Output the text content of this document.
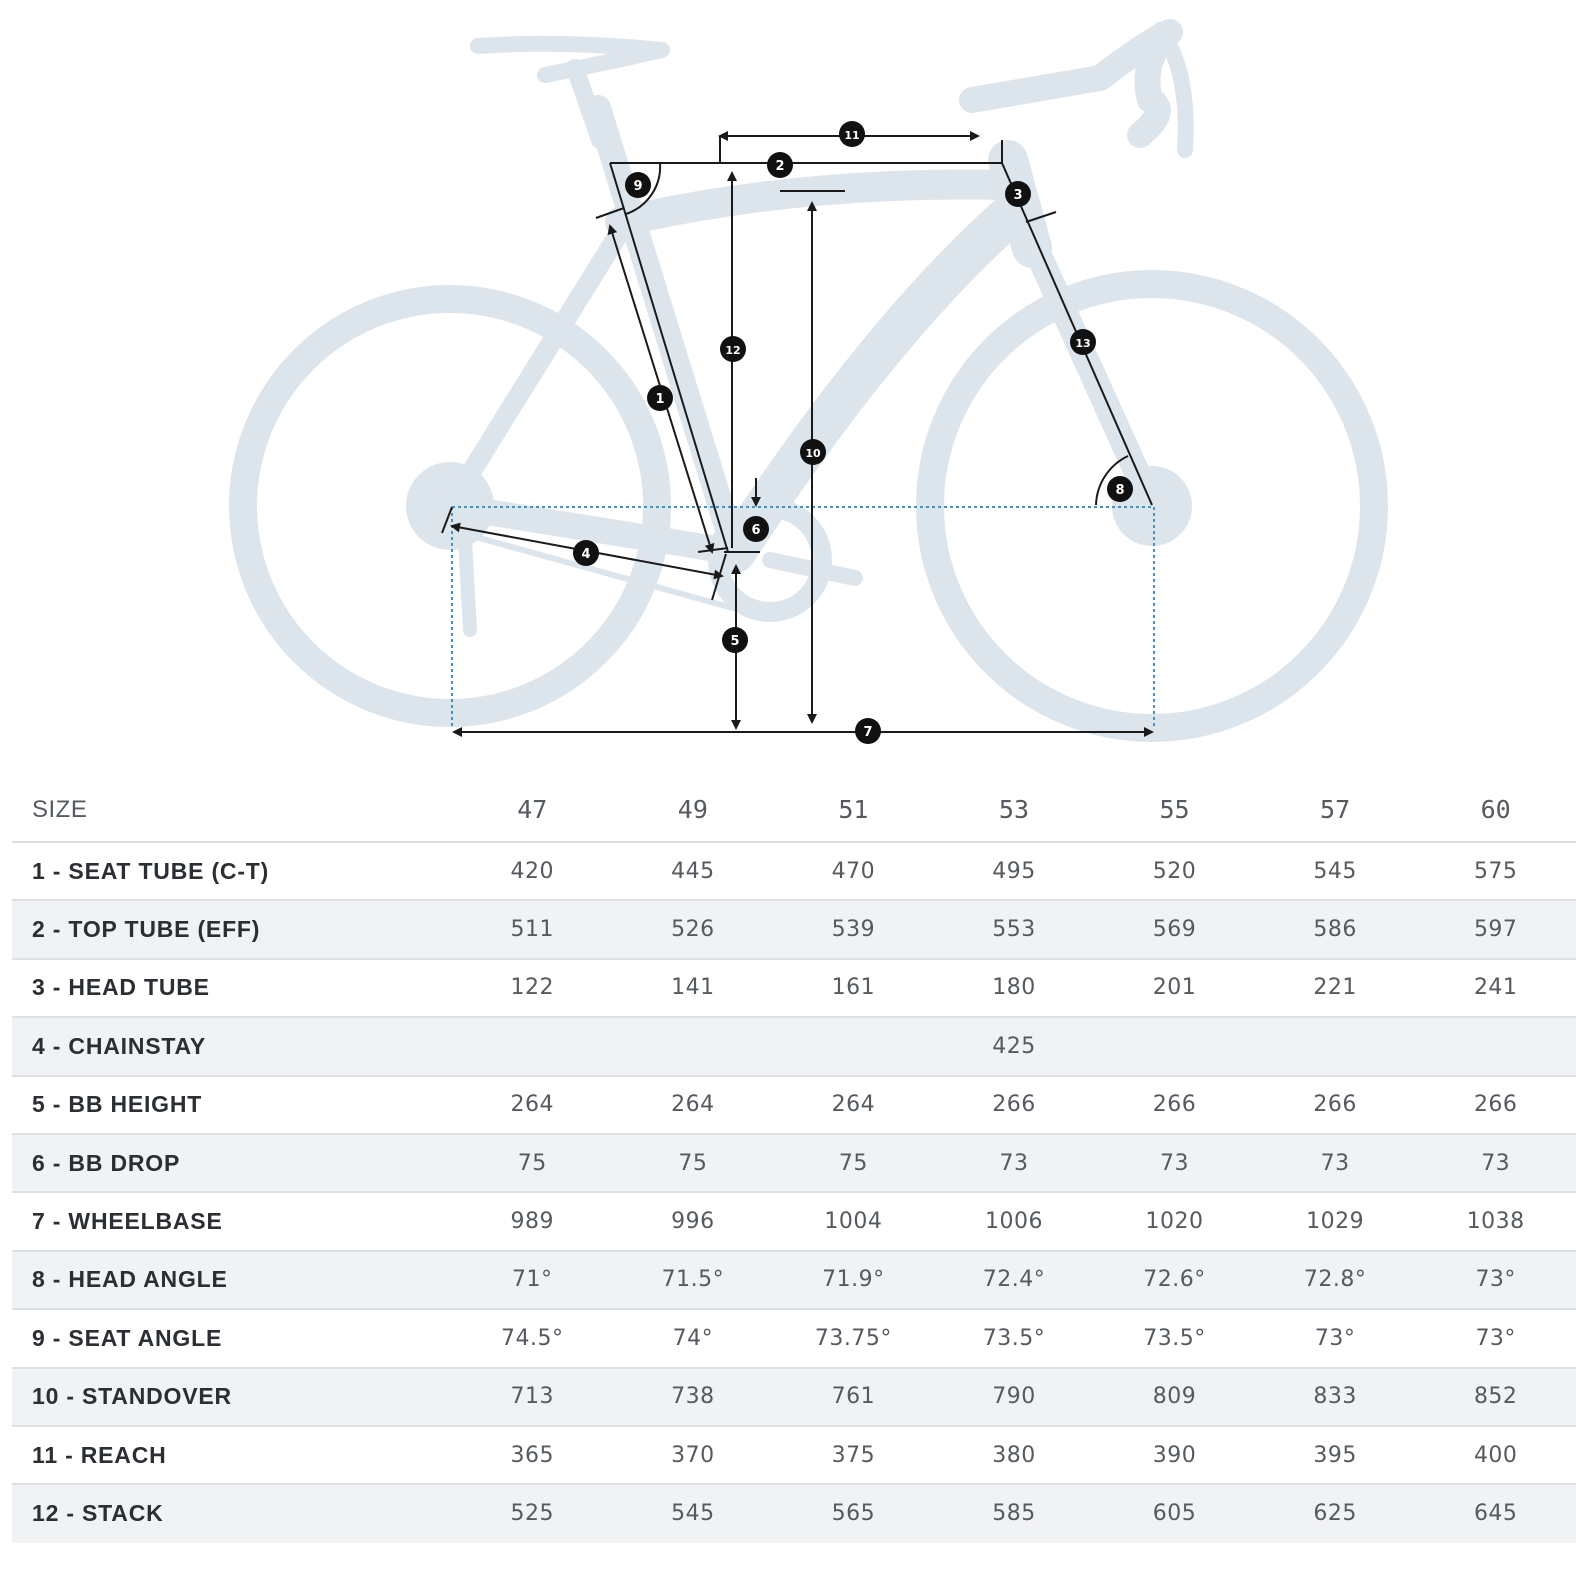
1
2
3
4
5
6
7
8
9
10
11
12
13
SIZE	47	49	51	53	55	57	60
1 - SEAT TUBE (C-T)	420	445	470	495	520	545	575
2 - TOP TUBE (EFF)	511	526	539	553	569	586	597
3 - HEAD TUBE	122	141	161	180	201	221	241
4 - CHAINSTAY	425						
5 - BB HEIGHT	264	264	264	266	266	266	266
6 - BB DROP	75	75	75	73	73	73	73
7 - WHEELBASE	989	996	1004	1006	1020	1029	1038
8 - HEAD ANGLE	71°	71.5°	71.9°	72.4°	72.6°	72.8°	73°
9 - SEAT ANGLE	74.5°	74°	73.75°	73.5°	73.5°	73°	73°
10 - STANDOVER	713	738	761	790	809	833	852
11 - REACH	365	370	375	380	390	395	400
12 - STACK	525	545	565	585	605	625	645
